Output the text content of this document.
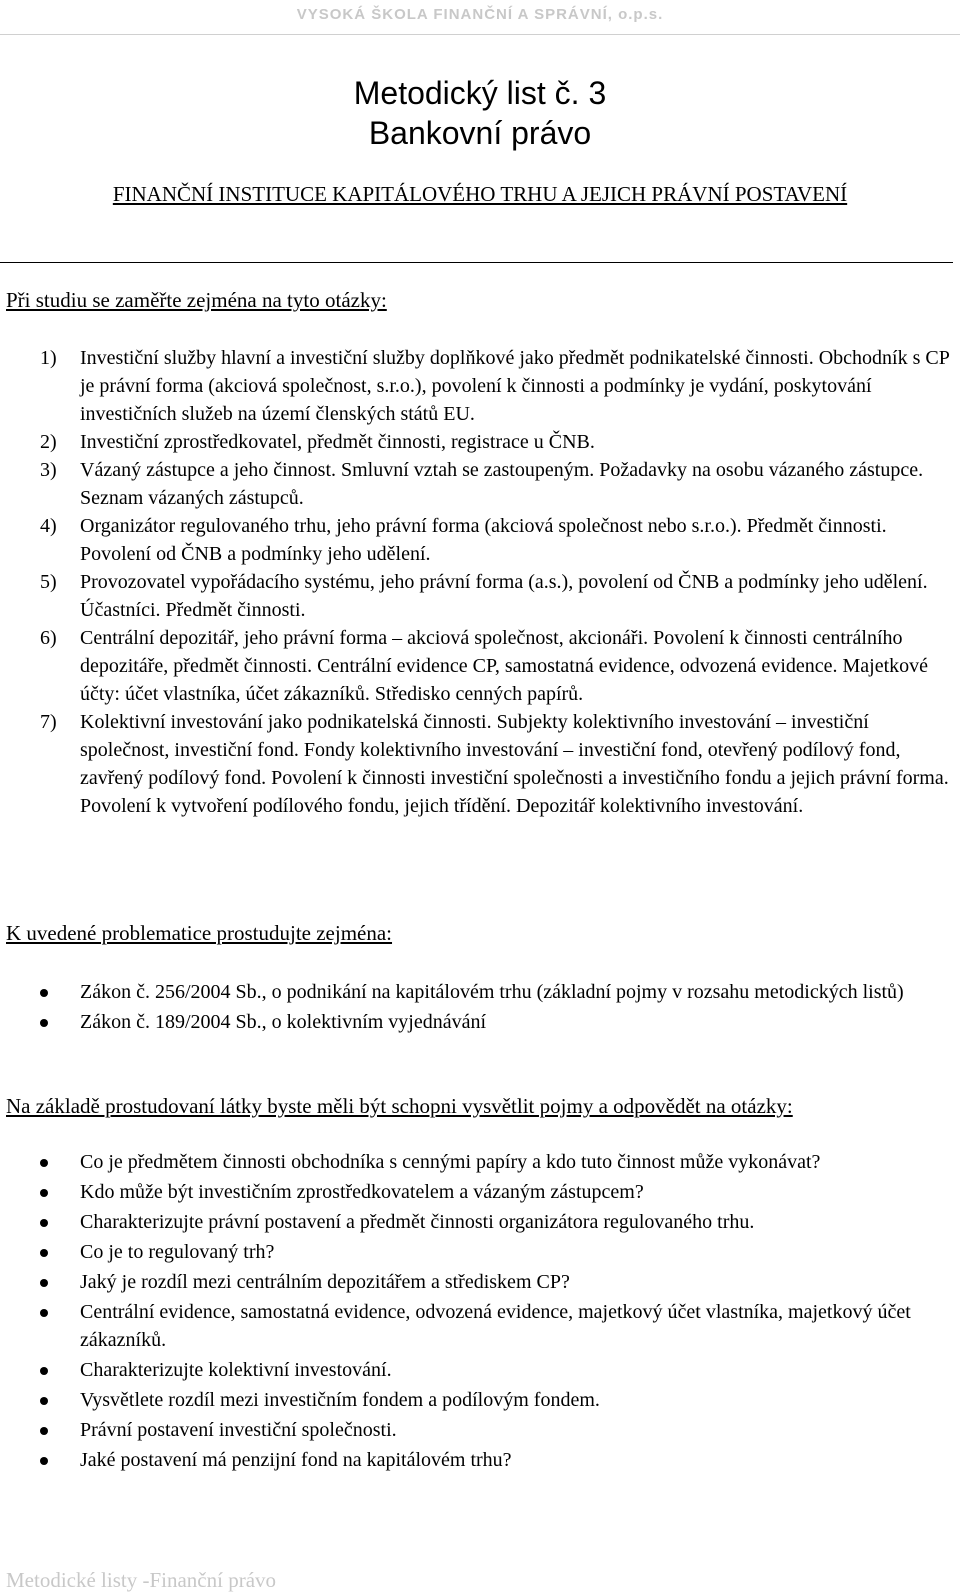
VYSOKÁ ŠKOLA FINANČNÍ A SPRÁVNÍ, o.p.s.
Metodický list č. 3
Bankovní právo
FINANČNÍ INSTITUCE KAPITÁLOVÉHO TRHU A JEJICH PRÁVNÍ POSTAVENÍ
Při studiu se zaměřte zejména na tyto otázky:
1) Investiční služby hlavní a investiční služby doplňkové jako předmět podnikatelské činnosti. Obchodník s CP je právní forma (akciová společnost, s.r.o.), povolení k činnosti a podmínky je vydání, poskytování investičních služeb na území členských států EU.
2) Investiční zprostředkovatel, předmět činnosti, registrace u ČNB.
3) Vázaný zástupce a jeho činnost. Smluvní vztah se zastoupeným. Požadavky na osobu vázaného zástupce. Seznam vázaných zástupců.
4) Organizátor regulovaného trhu, jeho právní forma (akciová společnost nebo s.r.o.). Předmět činnosti. Povolení od ČNB a podmínky jeho udělení.
5) Provozovatel vypořádacího systému, jeho právní forma (a.s.), povolení od ČNB a podmínky jeho udělení. Účastníci. Předmět činnosti.
6) Centrální depozitář, jeho právní forma – akciová společnost, akcionáři. Povolení k činnosti centrálního depozitáře, předmět činnosti. Centrální evidence CP, samostatná evidence, odvozená evidence. Majetkové účty: účet vlastníka, účet zákazníků. Středisko cenných papírů.
7) Kolektivní investování jako podnikatelská činnosti. Subjekty kolektivního investování – investiční společnost, investiční fond. Fondy kolektivního investování – investiční fond, otevřený podílový fond, zavřený podílový fond. Povolení k činnosti investiční společnosti a investičního fondu a jejich právní forma. Povolení k vytvoření podílového fondu, jejich třídění. Depozitář kolektivního investování.
K uvedené problematice prostudujte zejména:
Zákon č. 256/2004 Sb., o podnikání na kapitálovém trhu (základní pojmy v rozsahu metodických listů)
Zákon č. 189/2004 Sb., o kolektivním vyjednávání
Na základě prostudovaní látky byste měli být schopni vysvětlit pojmy a odpovědět na otázky:
Co je předmětem činnosti obchodníka s cennými papíry a kdo tuto činnost může vykonávat?
Kdo může být investičním zprostředkovatelem a vázaným zástupcem?
Charakterizujte právní postavení a předmět činnosti organizátora regulovaného trhu.
Co je to regulovaný trh?
Jaký je rozdíl mezi centrálním depozitářem a střediskem CP?
Centrální evidence, samostatná evidence, odvozená evidence, majetkový účet vlastníka, majetkový účet zákazníků.
Charakterizujte kolektivní investování.
Vysvětlete rozdíl mezi investičním fondem a podílovým fondem.
Právní postavení investiční společnosti.
Jaké postavení má penzijní fond na kapitálovém trhu?
Metodické listy -Finanční právo
